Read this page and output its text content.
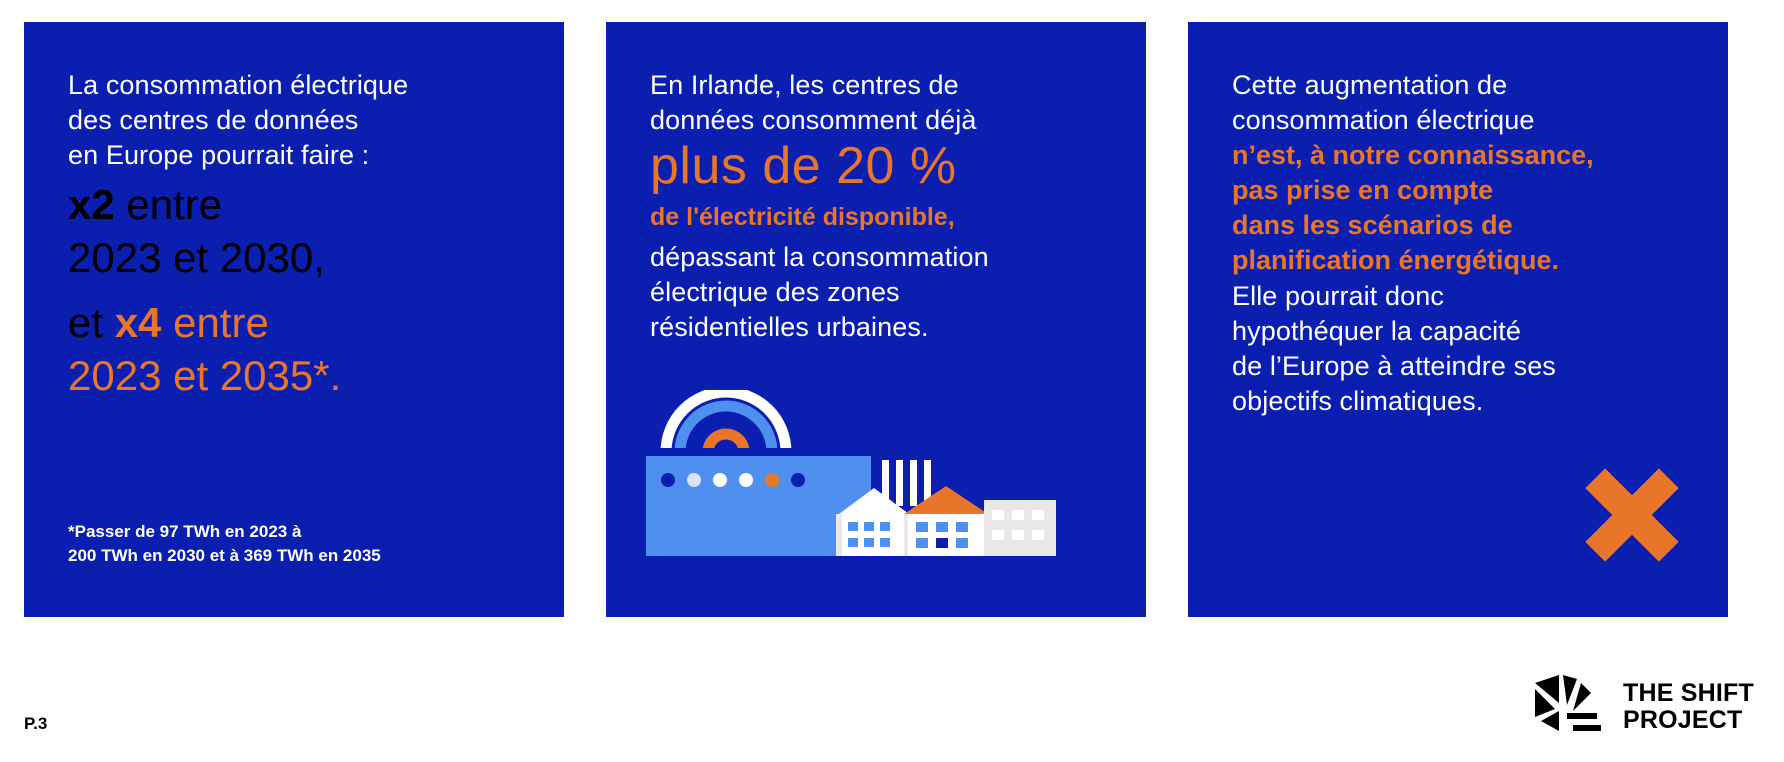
La consommation électrique
des centres de données
en Europe pourrait faire :
x2 entre
2023 et 2030,
et x4 entre
2023 et 2035*.
*Passer de 97 TWh en 2023 à
200 TWh en 2030 et à 369 TWh en 2035
En Irlande, les centres de
données consomment déjà
plus de 20 %
de l'électricité disponible,
dépassant la consommation
électrique des zones
résidentielles urbaines.
Cette augmentation de
consommation électrique
n’est, à notre connaissance,
pas prise en compte
dans les scénarios de
planification énergétique.
Elle pourrait donc
hypothéquer la capacité
de l’Europe à atteindre ses
objectifs climatiques.
P.3
THE SHIFT
PROJECT
